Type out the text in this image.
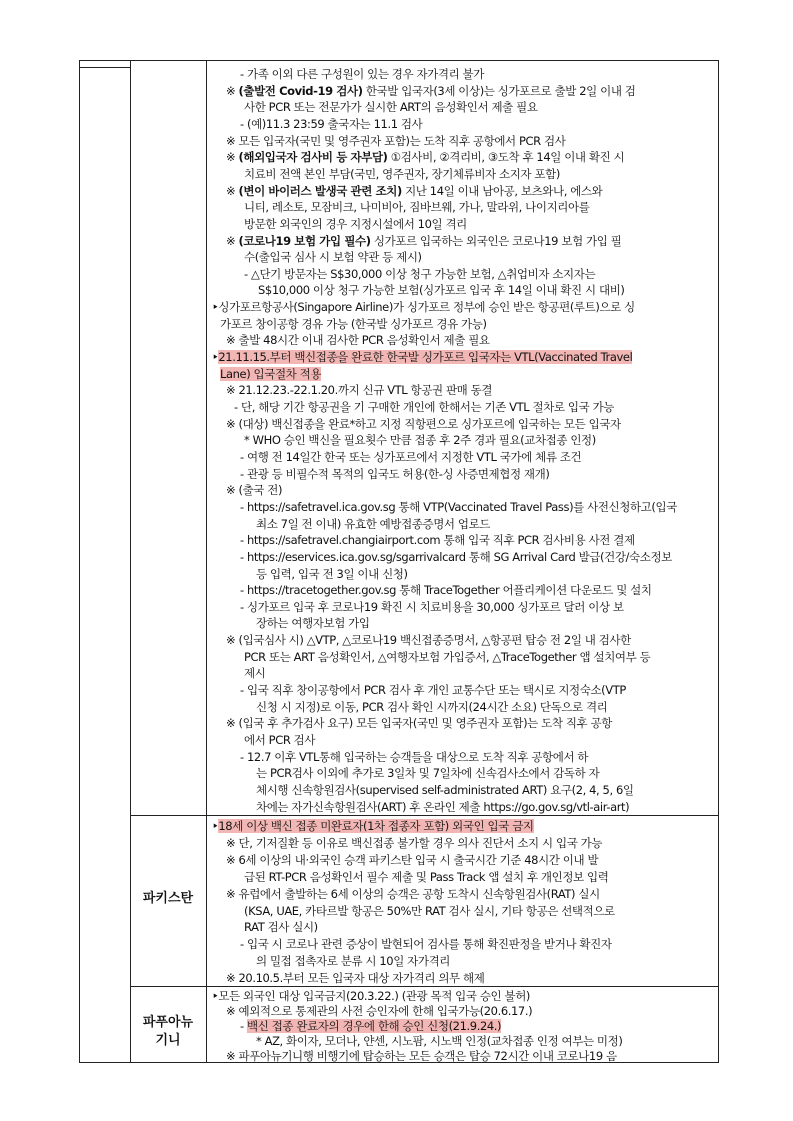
- 가족 이외 다른 구성원이 있는 경우 자가격리 불가
※ (출발전 Covid-19 검사) 한국발 입국자(3세 이상)는 싱가포르로 출발 2일 이내 검
사한 PCR 또는 전문가가 실시한 ART의 음성확인서 제출 필요
- (예)11.3 23:59 출국자는 11.1 검사
※ 모든 입국자(국민 및 영주권자 포함)는 도착 직후 공항에서 PCR 검사
※ (해외입국자 검사비 등 자부담) ①검사비, ②격리비, ③도착 후 14일 이내 확진 시
치료비 전액 본인 부담(국민, 영주권자, 장기체류비자 소지자 포함)
※ (변이 바이러스 발생국 관련 조치) 지난 14일 이내 남아공, 보츠와나, 에스와
니티, 레소토, 모잠비크, 나미비아, 짐바브웨, 가나, 말라위, 나이지리아를
방문한 외국인의 경우 지정시설에서 10일 격리
※ (코로나19 보험 가입 필수) 싱가포르 입국하는 외국인은 코로나19 보험 가입 필
수(출입국 심사 시 보험 약관 등 제시)
- △단기 방문자는 S$30,000 이상 청구 가능한 보험, △취업비자 소지자는
S$10,000 이상 청구 가능한 보험(싱가포르 입국 후 14일 이내 확진 시 대비)
‣싱가포르항공사(Singapore Airline)가 싱가포르 정부에 승인 받은 항공편(루트)으로 싱
가포르 창이공항 경유 가능 (한국발 싱가포르 경유 가능)
※ 출발 48시간 이내 검사한 PCR 음성확인서 제출 필요
‣21.11.15.부터 백신접종을 완료한 한국발 싱가포르 입국자는 VTL(Vaccinated Travel
Lane) 입국절차 적용
※ 21.12.23.-22.1.20.까지 신규 VTL 항공권 판매 동결
- 단, 해당 기간 항공권을 기 구매한 개인에 한해서는 기존 VTL 절차로 입국 가능
※ (대상) 백신접종을 완료*하고 지정 직항편으로 싱가포르에 입국하는 모든 입국자
* WHO 승인 백신을 필요횟수 만큼 접종 후 2주 경과 필요(교차접종 인정)
- 여행 전 14일간 한국 또는 싱가포르에서 지정한 VTL 국가에 체류 조건
- 관광 등 비필수적 목적의 입국도 허용(한-싱 사증면제협정 재개)
※ (출국 전)
- https://safetravel.ica.gov.sg 통해 VTP(Vaccinated Travel Pass)를 사전신청하고(입국
최소 7일 전 이내) 유효한 예방접종증명서 업로드
- https://safetravel.changiairport.com 통해 입국 직후 PCR 검사비용 사전 결제
- https://eservices.ica.gov.sg/sgarrivalcard 통해 SG Arrival Card 발급(건강/숙소정보
등 입력, 입국 전 3일 이내 신청)
- https://tracetogether.gov.sg 통해 TraceTogether 어플리케이션 다운로드 및 설치
- 싱가포르 입국 후 코로나19 확진 시 치료비용을 30,000 싱가포르 달러 이상 보
장하는 여행자보험 가입
※ (입국심사 시) △VTP, △코로나19 백신접종증명서, △항공편 탑승 전 2일 내 검사한
PCR 또는 ART 음성확인서, △여행자보험 가입증서, △TraceTogether 앱 설치여부 등
제시
- 입국 직후 창이공항에서 PCR 검사 후 개인 교통수단 또는 택시로 지정숙소(VTP
신청 시 지정)로 이동, PCR 검사 확인 시까지(24시간 소요) 단독으로 격리
※ (입국 후 추가검사 요구) 모든 입국자(국민 및 영주권자 포함)는 도착 직후 공항
에서 PCR 검사
- 12.7 이후 VTL통해 입국하는 승객들을 대상으로 도착 직후 공항에서 하
는 PCR검사 이외에 추가로 3일차 및 7일차에 신속검사소에서 감독하 자
체시행 신속항원검사(supervised self-administrated ART) 요구(2, 4, 5, 6일
차에는 자가신속항원검사(ART) 후 온라인 제출 https://go.gov.sg/vtl-air-art)
파키스탄
‣18세 이상 백신 접종 미완료자(1차 접종자 포함) 외국인 입국 금지
※ 단, 기저질환 등 이유로 백신접종 불가할 경우 의사 진단서 소지 시 입국 가능
※ 6세 이상의 내‧외국인 승객 파키스탄 입국 시 출국시간 기준 48시간 이내 발
급된 RT-PCR 음성확인서 필수 제출 및 Pass Track 앱 설치 후 개인정보 입력
※ 유럽에서 출발하는 6세 이상의 승객은 공항 도착시 신속항원검사(RAT) 실시
(KSA, UAE, 카타르발 항공은 50%만 RAT 검사 실시, 기타 항공은 선택적으로
RAT 검사 실시)
- 입국 시 코로나 관련 증상이 발현되어 검사를 통해 확진판정을 받거나 확진자
의 밀접 접촉자로 분류 시 10일 자가격리
※ 20.10.5.부터 모든 입국자 대상 자가격리 의무 해제
파푸아뉴
기니
‣모든 외국인 대상 입국금지(20.3.22.) (관광 목적 입국 승인 불허)
※ 예외적으로 통제관의 사전 승인자에 한해 입국가능(20.6.17.)
- 백신 접종 완료자의 경우에 한해 승인 신청(21.9.24.)
* AZ, 화이자, 모더나, 얀센, 시노팜, 시노백 인정(교차접종 인정 여부는 미정)
※ 파푸아뉴기니행 비행기에 탑승하는 모든 승객은 탑승 72시간 이내 코로나19 음
